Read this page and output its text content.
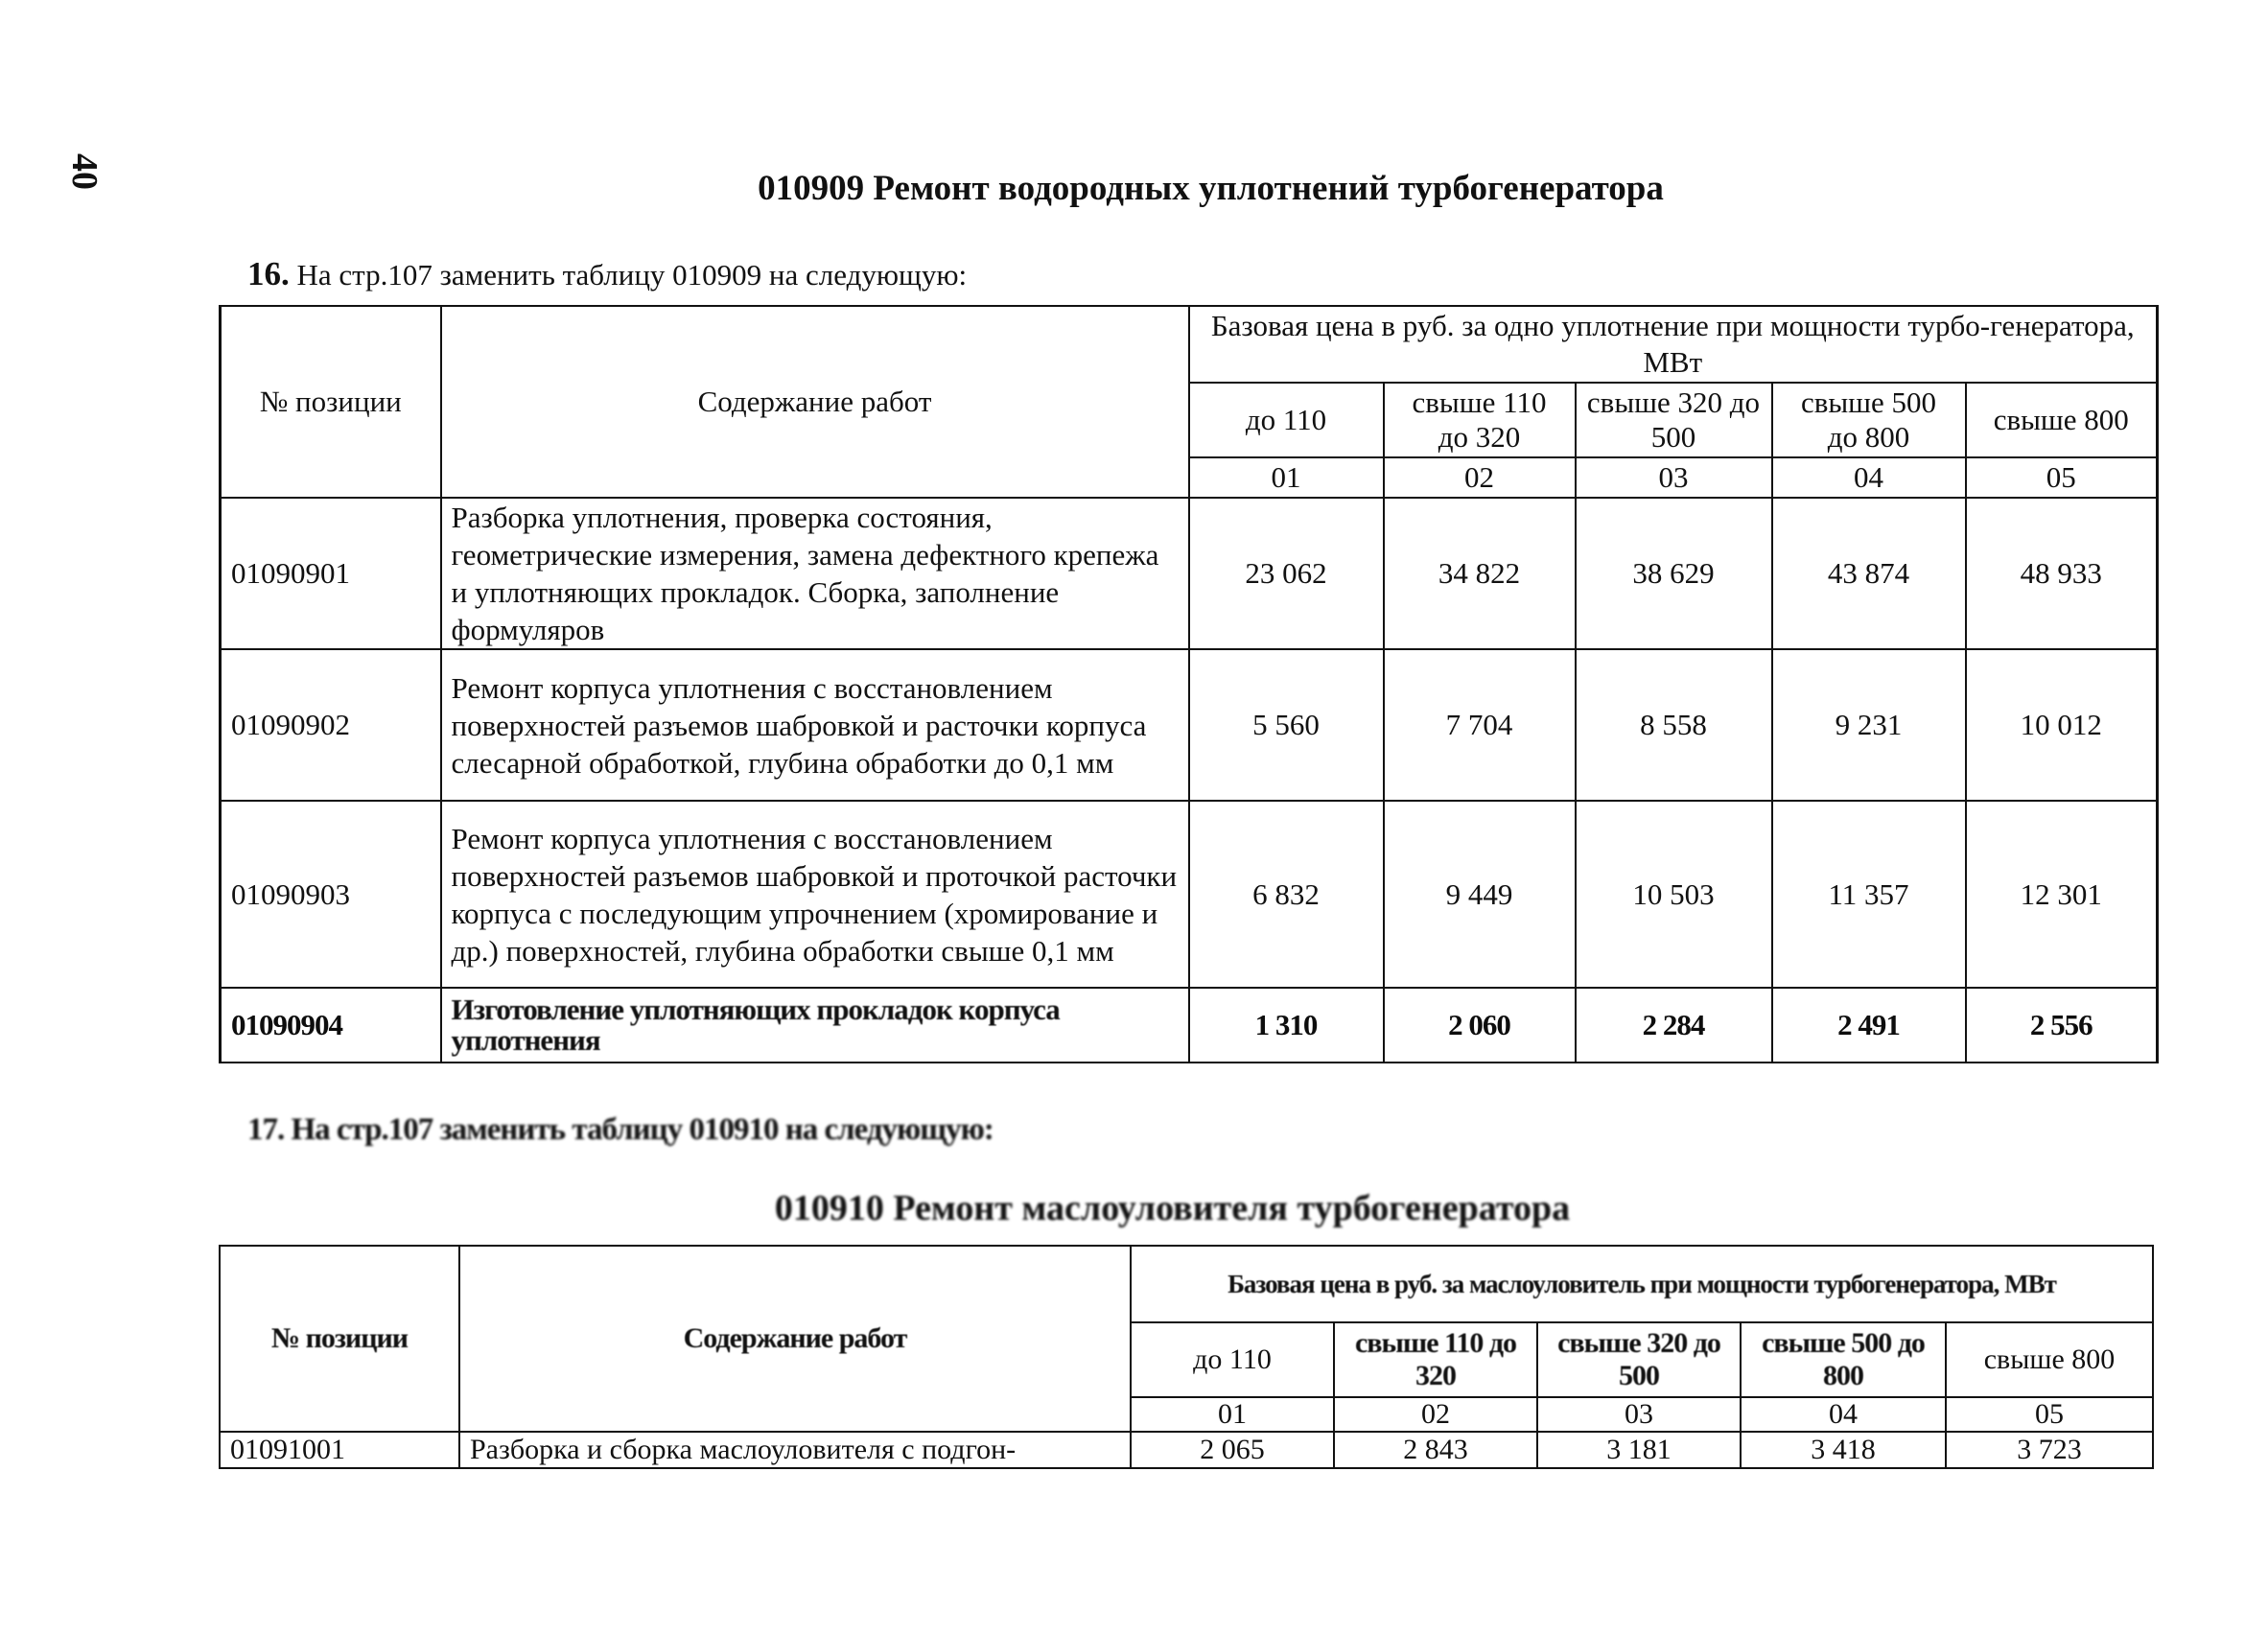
40	010909 Ремонт водородных уплотнений турбогенератора
16. На стр.107 заменить таблицу 010909 на следующую:
№ позиции	Содержание работ	Базовая цена в руб. за одно уплотнение при мощности турбо-генератора, МВт				
		до 110	свыше 110 до 320	свыше 320 до 500	свыше 500 до 800	свыше 800
		01	02	03	04	05
01090901	Разборка уплотнения, проверка состояния, геометрические измерения, замена дефектного крепежа и уплотняющих прокладок. Сборка, заполнение формуляров	23 062	34 822	38 629	43 874	48 933
01090902	Ремонт корпуса уплотнения с восстановлением поверхностей разъемов шабровкой и расточки корпуса слесарной обработкой, глубина обработки до 0,1 мм	5 560	7 704	8 558	9 231	10 012
01090903	Ремонт корпуса уплотнения с восстановлением поверхностей разъемов шабровкой и проточкой расточки корпуса с последующим упрочнением (хромирование и др.) поверхностей, глубина обработки свыше 0,1 мм	6 832	9 449	10 503	11 357	12 301
01090904	Изготовление уплотняющих прокладок корпуса уплотнения	1 310	2 060	2 284	2 491	2 556
17. На стр.107 заменить таблицу 010910 на следующую:
010910 Ремонт маслоуловителя турбогенератора
№ позиции	Содержание работ	Базовая цена в руб. за маслоуловитель при мощности турбогенератора, МВт				
		до 110	свыше 110 до 320	свыше 320 до 500	свыше 500 до 800	свыше 800
		01	02	03	04	05
01091001	Разборка и сборка маслоуловителя с подгон-	2 065	2 843	3 181	3 418	3 723
